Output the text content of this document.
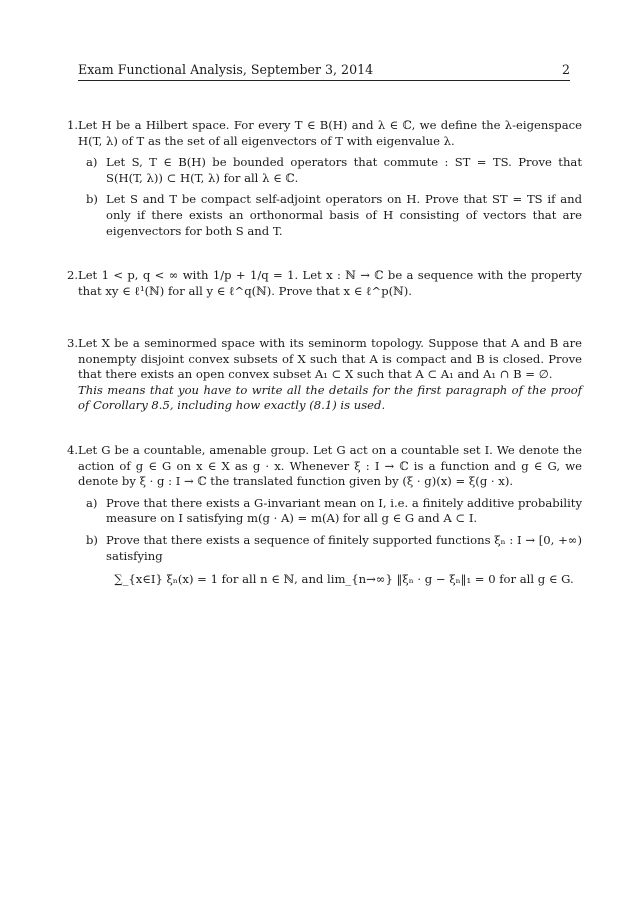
Exam Functional Analysis, September 3, 2014	2
1. Let H be a Hilbert space. For every T ∈ B(H) and λ ∈ ℂ, we define the λ-eigenspace H(T, λ) of T as the set of all eigenvectors of T with eigenvalue λ.
a) Let S, T ∈ B(H) be bounded operators that commute : ST = TS. Prove that S(H(T, λ)) ⊂ H(T, λ) for all λ ∈ ℂ.
b) Let S and T be compact self-adjoint operators on H. Prove that ST = TS if and only if there exists an orthonormal basis of H consisting of vectors that are eigenvectors for both S and T.
2. Let 1 < p, q < ∞ with 1/p + 1/q = 1. Let x : ℕ → ℂ be a sequence with the property that xy ∈ ℓ¹(ℕ) for all y ∈ ℓ^q(ℕ). Prove that x ∈ ℓ^p(ℕ).
3. Let X be a seminormed space with its seminorm topology. Suppose that A and B are nonempty disjoint convex subsets of X such that A is compact and B is closed. Prove that there exists an open convex subset A₁ ⊂ X such that A ⊂ A₁ and A₁ ∩ B = ∅.
This means that you have to write all the details for the first paragraph of the proof of Corollary 8.5, including how exactly (8.1) is used.
4. Let G be a countable, amenable group. Let G act on a countable set I. We denote the action of g ∈ G on x ∈ X as g · x. Whenever ξ : I → ℂ is a function and g ∈ G, we denote by ξ · g : I → ℂ the translated function given by (ξ · g)(x) = ξ(g · x).
a) Prove that there exists a G-invariant mean on I, i.e. a finitely additive probability measure on I satisfying m(g · A) = m(A) for all g ∈ G and A ⊂ I.
b) Prove that there exists a sequence of finitely supported functions ξₙ : I → [0, +∞) satisfying
∑_{x∈I} ξₙ(x) = 1 for all n ∈ ℕ, and lim_{n→∞} ‖ξₙ · g − ξₙ‖₁ = 0 for all g ∈ G.
